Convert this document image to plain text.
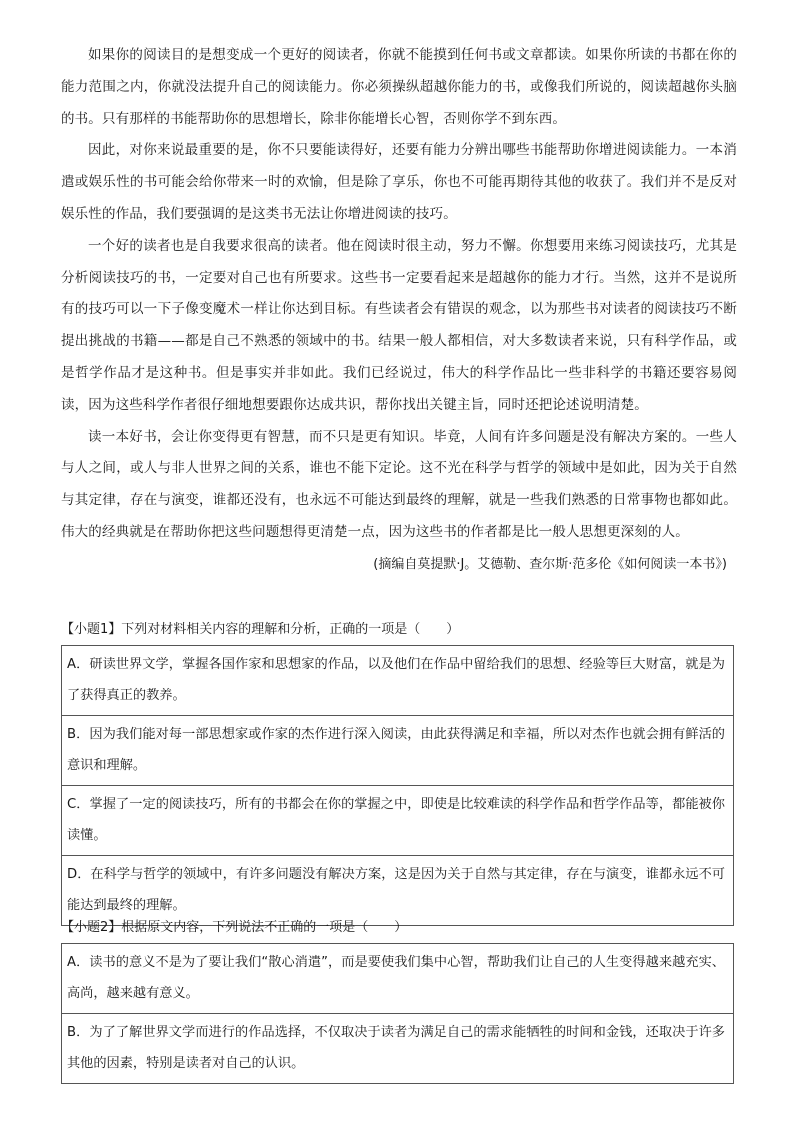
如果你的阅读目的是想变成一个更好的阅读者，你就不能摸到任何书或文章都读。如果你所读的书都在你的能力范围之内，你就没法提升自己的阅读能力。你必须操纵超越你能力的书，或像我们所说的，阅读超越你头脑的书。只有那样的书能帮助你的思想增长，除非你能增长心智，否则你学不到东西。

因此，对你来说最重要的是，你不只要能读得好，还要有能力分辨出哪些书能帮助你增进阅读能力。一本消遣或娱乐性的书可能会给你带来一时的欢愉，但是除了享乐，你也不可能再期待其他的收获了。我们并不是反对娱乐性的作品，我们要强调的是这类书无法让你增进阅读的技巧。

一个好的读者也是自我要求很高的读者。他在阅读时很主动，努力不懈。你想要用来练习阅读技巧，尤其是分析阅读技巧的书，一定要对自己也有所要求。这些书一定要看起来是超越你的能力才行。当然，这并不是说所有的技巧可以一下子像变魔术一样让你达到目标。有些读者会有错误的观念，以为那些书对读者的阅读技巧不断提出挑战的书籍——都是自己不熟悉的领域中的书。结果一般人都相信，对大多数读者来说，只有科学作品，或是哲学作品才是这种书。但是事实并非如此。我们已经说过，伟大的科学作品比一些非科学的书籍还要容易阅读，因为这些科学作者很仔细地想要跟你达成共识，帮你找出关键主旨，同时还把论述说明清楚。

读一本好书，会让你变得更有智慧，而不只是更有知识。毕竟，人间有许多问题是没有解决方案的。一些人与人之间，或人与非人世界之间的关系，谁也不能下定论。这不光在科学与哲学的领域中是如此，因为关于自然与其定律，存在与演变，谁都还没有，也永远不可能达到最终的理解，就是一些我们熟悉的日常事物也都如此。伟大的经典就是在帮助你把这些问题想得更清楚一点，因为这些书的作者都是比一般人思想更深刻的人。

(摘编自莫提默·J。艾德勒、查尔斯·范多伦《如何阅读一本书》)

【小题1】下列对材料相关内容的理解和分析，正确的一项是（　　）

A．研读世界文学，掌握各国作家和思想家的作品，以及他们在作品中留给我们的思想、经验等巨大财富，就是为了获得真正的教养。

B．因为我们能对每一部思想家或作家的杰作进行深入阅读，由此获得满足和幸福，所以对杰作也就会拥有鲜活的意识和理解。

C．掌握了一定的阅读技巧，所有的书都会在你的掌握之中，即使是比较难读的科学作品和哲学作品等，都能被你读懂。

D．在科学与哲学的领域中，有许多问题没有解决方案，这是因为关于自然与其定律，存在与演变，谁都永远不可能达到最终的理解。

【小题2】根据原文内容，下列说法不正确的一项是（　　）

A．读书的意义不是为了要让我们“散心消遣”，而是要使我们集中心智，帮助我们让自己的人生变得越来越充实、高尚，越来越有意义。

B．为了了解世界文学而进行的作品选择，不仅取决于读者为满足自己的需求能牺牲的时间和金钱，还取决于许多其他的因素，特别是读者对自己的认识。
